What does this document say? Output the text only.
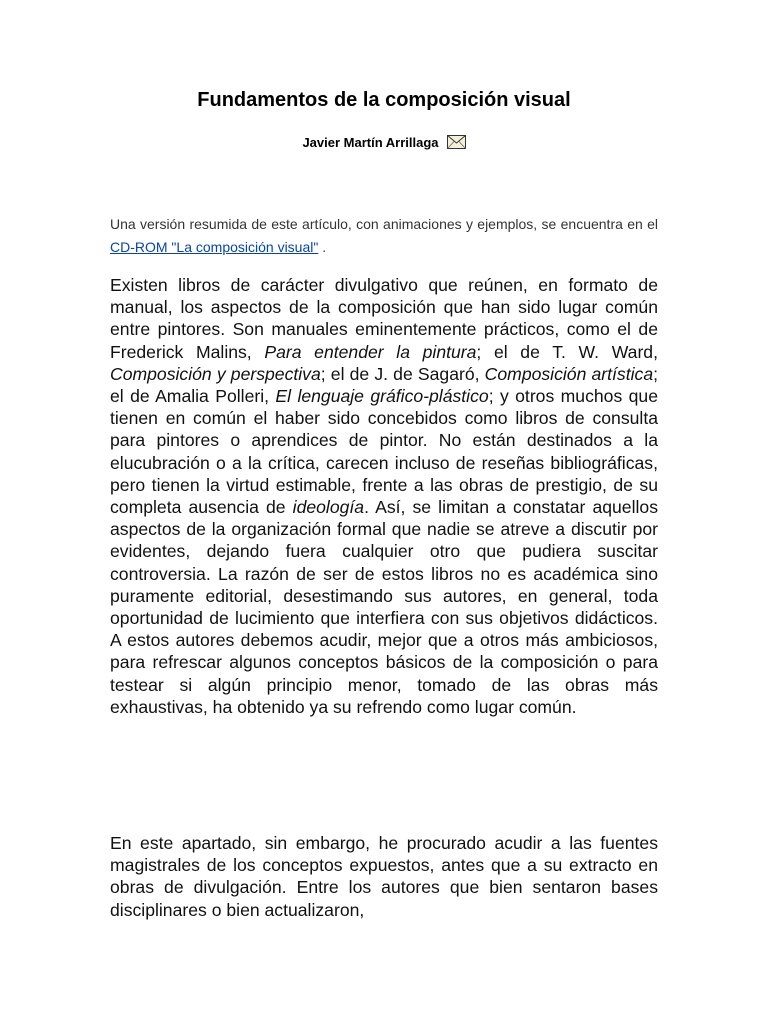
Fundamentos de la composición visual
Javier Martín Arrillaga

Una versión resumida de este artículo, con animaciones y ejemplos, se encuentra en el CD-ROM "La composición visual" .

Existen libros de carácter divulgativo que reúnen, en formato de manual, los aspectos de la composición que han sido lugar común entre pintores. Son manuales eminentemente prácticos, como el de Frederick Malins, Para entender la pintura; el de T. W. Ward, Composición y perspectiva; el de J. de Sagaró, Composición artística; el de Amalia Polleri, El lenguaje gráfico-plástico; y otros muchos que tienen en común el haber sido concebidos como libros de consulta para pintores o aprendices de pintor. No están destinados a la elucubración o a la crítica, carecen incluso de reseñas bibliográficas, pero tienen la virtud estimable, frente a las obras de prestigio, de su completa ausencia de ideología. Así, se limitan a constatar aquellos aspectos de la organización formal que nadie se atreve a discutir por evidentes, dejando fuera cualquier otro que pudiera suscitar controversia. La razón de ser de estos libros no es académica sino puramente editorial, desestimando sus autores, en general, toda oportunidad de lucimiento que interfiera con sus objetivos didácticos. A estos autores debemos acudir, mejor que a otros más ambiciosos, para refrescar algunos conceptos básicos de la composición o para testear si algún principio menor, tomado de las obras más exhaustivas, ha obtenido ya su refrendo como lugar común.

En este apartado, sin embargo, he procurado acudir a las fuentes magistrales de los conceptos expuestos, antes que a su extracto en obras de divulgación. Entre los autores que bien sentaron bases disciplinares o bien actualizaron,
